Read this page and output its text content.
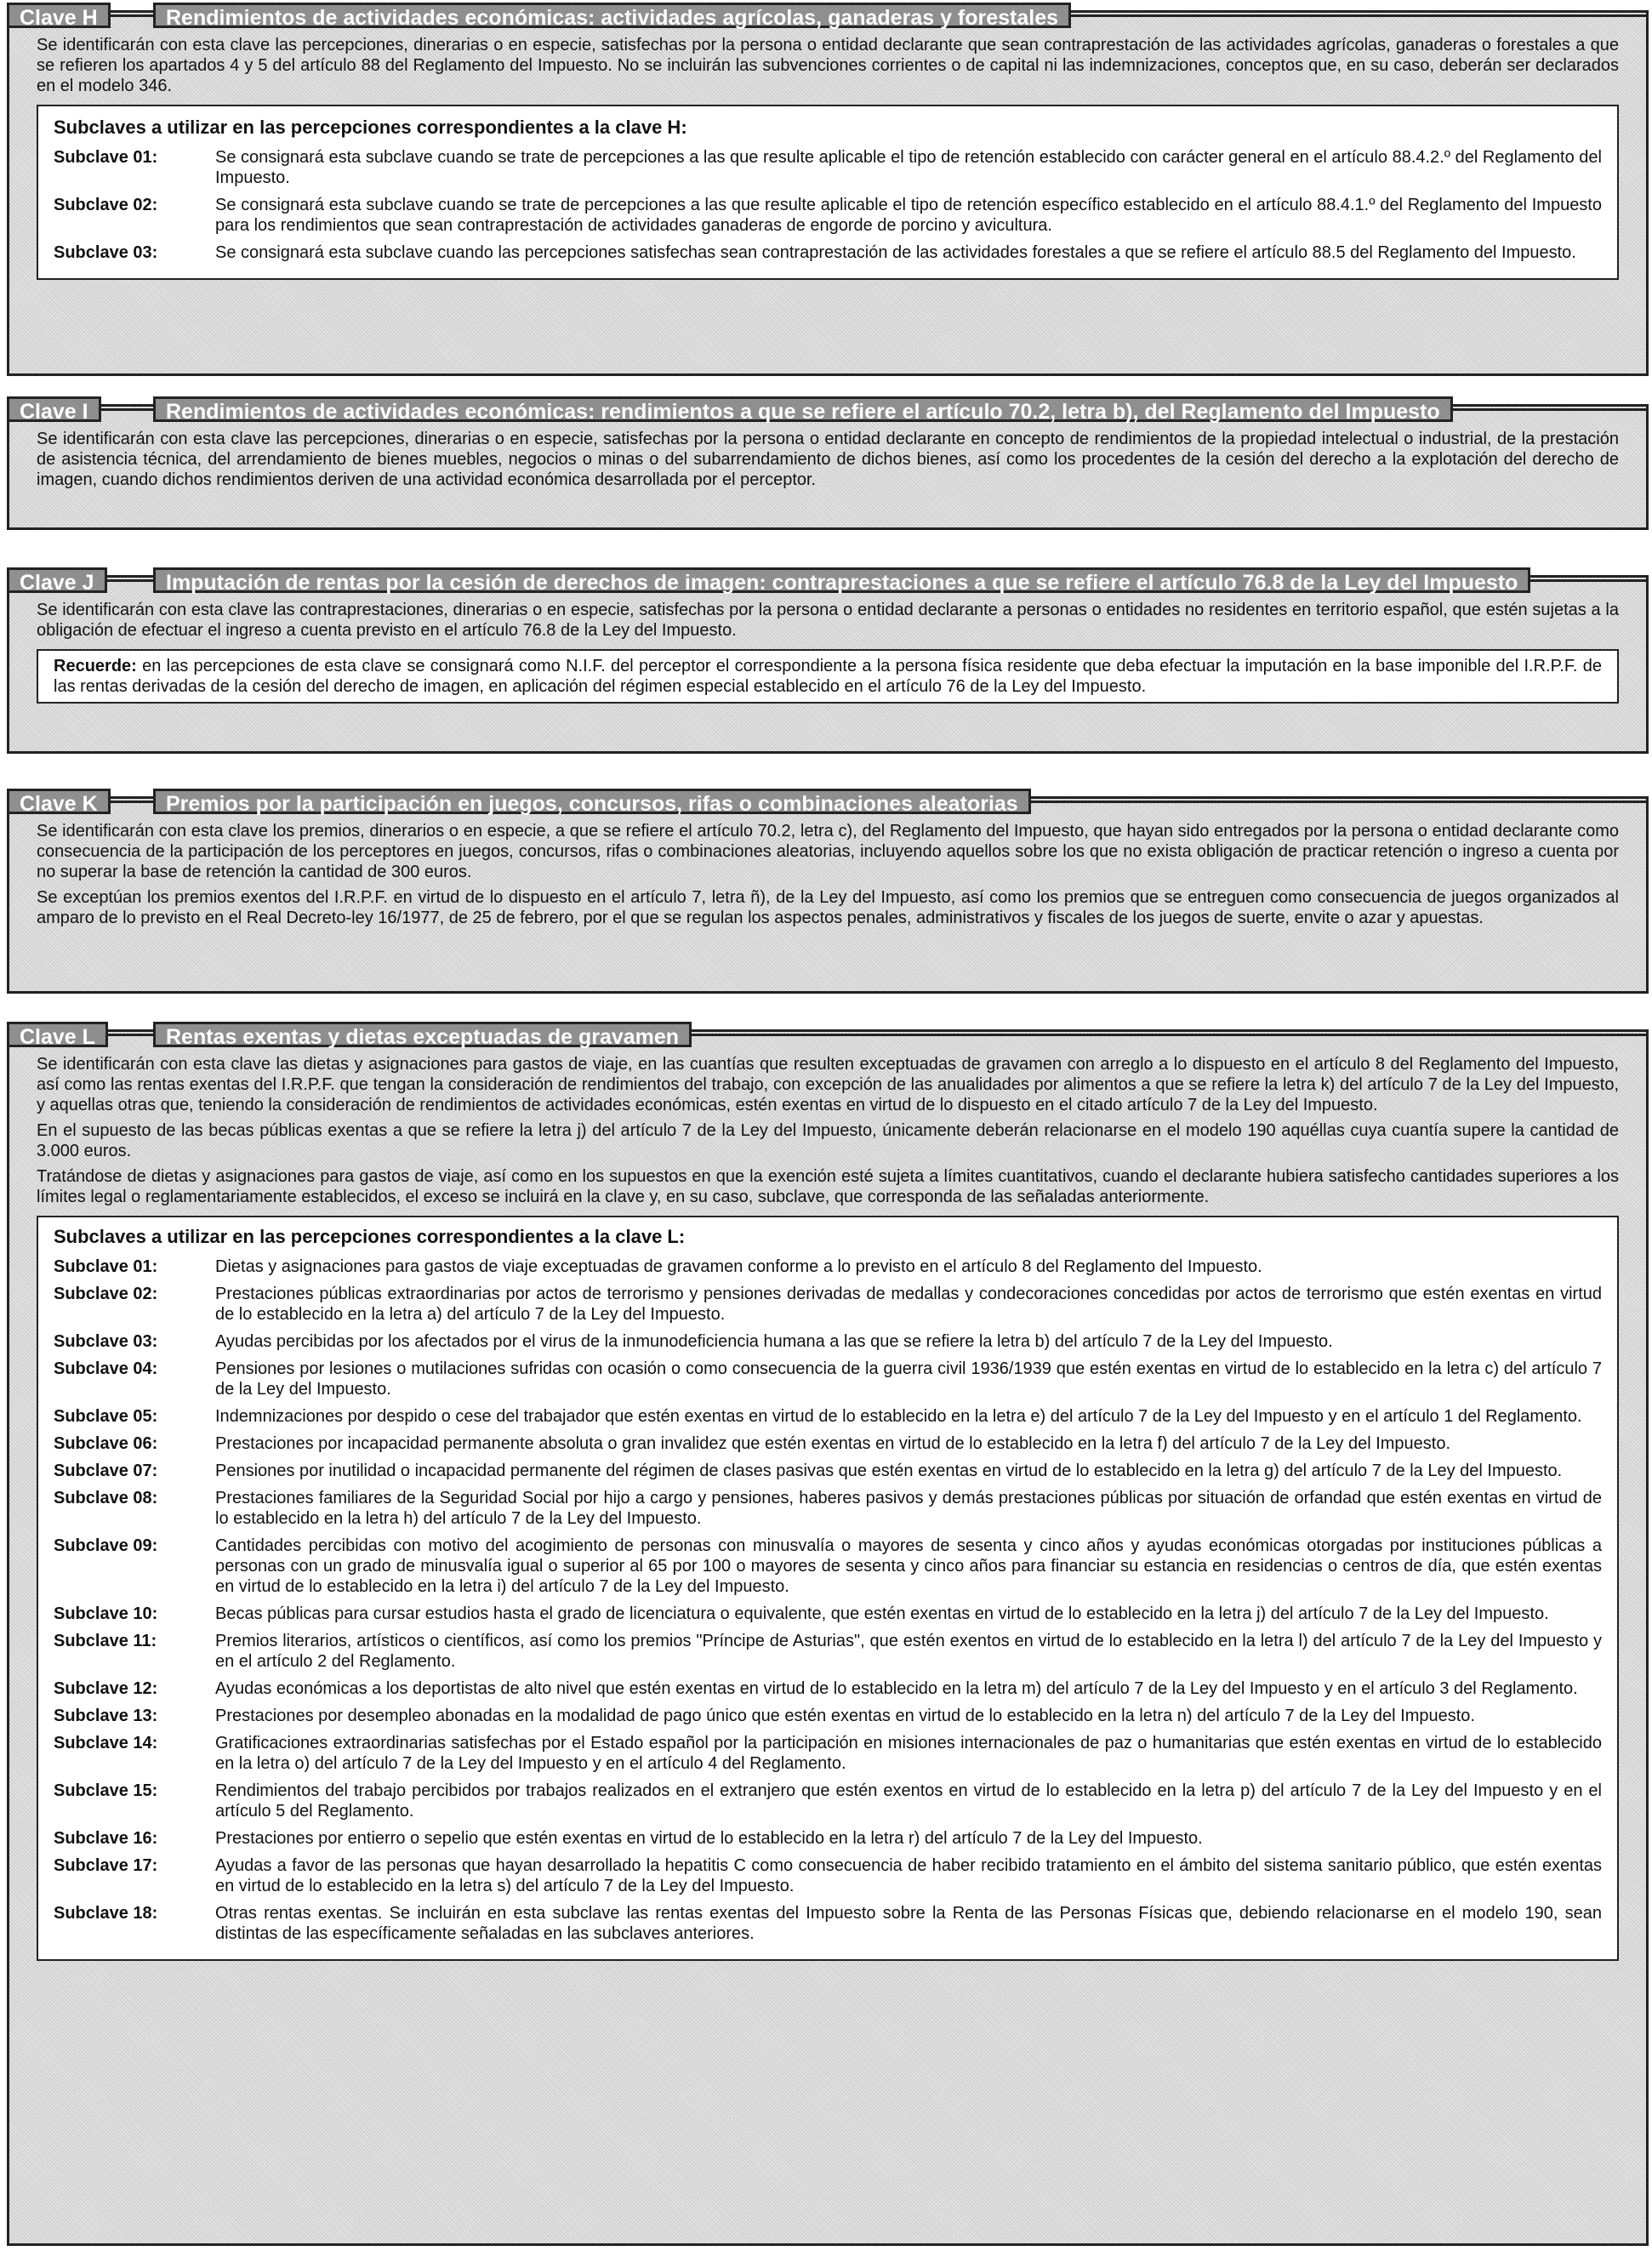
Clave H	Rendimientos de actividades económicas: actividades agrícolas, ganaderas y forestales

Se identificarán con esta clave las percepciones, dinerarias o en especie, satisfechas por la persona o entidad declarante que sean contraprestación de las actividades agrícolas, ganaderas o forestales a que se refieren los apartados 4 y 5 del artículo 88 del Reglamento del Impuesto. No se incluirán las subvenciones corrientes o de capital ni las indemnizaciones, conceptos que, en su caso, deberán ser declarados en el modelo 346.

Subclaves a utilizar en las percepciones correspondientes a la clave H:
Subclave 01:	Se consignará esta subclave cuando se trate de percepciones a las que resulte aplicable el tipo de retención establecido con carácter general en el artículo 88.4.2.º del Reglamento del Impuesto.
Subclave 02:	Se consignará esta subclave cuando se trate de percepciones a las que resulte aplicable el tipo de retención específico establecido en el artículo 88.4.1.º del Reglamento del Impuesto para los rendimientos que sean contraprestación de actividades ganaderas de engorde de porcino y avicultura.
Subclave 03:	Se consignará esta subclave cuando las percepciones satisfechas sean contraprestación de las actividades forestales a que se refiere el artículo 88.5 del Reglamento del Impuesto.
Clave I	Rendimientos de actividades económicas: rendimientos a que se refiere el artículo 70.2, letra b), del Reglamento del Impuesto

Se identificarán con esta clave las percepciones, dinerarias o en especie, satisfechas por la persona o entidad declarante en concepto de rendimientos de la propiedad intelectual o industrial, de la prestación de asistencia técnica, del arrendamiento de bienes muebles, negocios o minas o del subarrendamiento de dichos bienes, así como los procedentes de la cesión del derecho a la explotación del derecho de imagen, cuando dichos rendimientos deriven de una actividad económica desarrollada por el perceptor.

Clave J	Imputación de rentas por la cesión de derechos de imagen: contraprestaciones a que se refiere el artículo 76.8 de la Ley del Impuesto

Se identificarán con esta clave las contraprestaciones, dinerarias o en especie, satisfechas por la persona o entidad declarante a personas o entidades no residentes en territorio español, que estén sujetas a la obligación de efectuar el ingreso a cuenta previsto en el artículo 76.8 de la Ley del Impuesto.

Recuerde: en las percepciones de esta clave se consignará como N.I.F. del perceptor el correspondiente a la persona física residente que deba efectuar la imputación en la base imponible del I.R.P.F. de las rentas derivadas de la cesión del derecho de imagen, en aplicación del régimen especial establecido en el artículo 76 de la Ley del Impuesto.
Clave K	Premios por la participación en juegos, concursos, rifas o combinaciones aleatorias

Se identificarán con esta clave los premios, dinerarios o en especie, a que se refiere el artículo 70.2, letra c), del Reglamento del Impuesto, que hayan sido entregados por la persona o entidad declarante como consecuencia de la participación de los perceptores en juegos, concursos, rifas o combinaciones aleatorias, incluyendo aquellos sobre los que no exista obligación de practicar retención o ingreso a cuenta por no superar la base de retención la cantidad de 300 euros.

Se exceptúan los premios exentos del I.R.P.F. en virtud de lo dispuesto en el artículo 7, letra ñ), de la Ley del Impuesto, así como los premios que se entreguen como consecuencia de juegos organizados al amparo de lo previsto en el Real Decreto-ley 16/1977, de 25 de febrero, por el que se regulan los aspectos penales, administrativos y fiscales de los juegos de suerte, envite o azar y apuestas.

Clave L	Rentas exentas y dietas exceptuadas de gravamen

Se identificarán con esta clave las dietas y asignaciones para gastos de viaje, en las cuantías que resulten exceptuadas de gravamen con arreglo a lo dispuesto en el artículo 8 del Reglamento del Impuesto, así como las rentas exentas del I.R.P.F. que tengan la consideración de rendimientos del trabajo, con excepción de las anualidades por alimentos a que se refiere la letra k) del artículo 7 de la Ley del Impuesto, y aquellas otras que, teniendo la consideración de rendimientos de actividades económicas, estén exentas en virtud de lo dispuesto en el citado artículo 7 de la Ley del Impuesto.

En el supuesto de las becas públicas exentas a que se refiere la letra j) del artículo 7 de la Ley del Impuesto, únicamente deberán relacionarse en el modelo 190 aquéllas cuya cuantía supere la cantidad de 3.000 euros.

Tratándose de dietas y asignaciones para gastos de viaje, así como en los supuestos en que la exención esté sujeta a límites cuantitativos, cuando el declarante hubiera satisfecho cantidades superiores a los límites legal o reglamentariamente establecidos, el exceso se incluirá en la clave y, en su caso, subclave, que corresponda de las señaladas anteriormente.

Subclaves a utilizar en las percepciones correspondientes a la clave L:
Subclave 01:	Dietas y asignaciones para gastos de viaje exceptuadas de gravamen conforme a lo previsto en el artículo 8 del Reglamento del Impuesto.
Subclave 02:	Prestaciones públicas extraordinarias por actos de terrorismo y pensiones derivadas de medallas y condecoraciones concedidas por actos de terrorismo que estén exentas en virtud de lo establecido en la letra a) del artículo 7 de la Ley del Impuesto.
Subclave 03:	Ayudas percibidas por los afectados por el virus de la inmunodeficiencia humana a las que se refiere la letra b) del artículo 7 de la Ley del Impuesto.
Subclave 04:	Pensiones por lesiones o mutilaciones sufridas con ocasión o como consecuencia de la guerra civil 1936/1939 que estén exentas en virtud de lo establecido en la letra c) del artículo 7 de la Ley del Impuesto.
Subclave 05:	Indemnizaciones por despido o cese del trabajador que estén exentas en virtud de lo establecido en la letra e) del artículo 7 de la Ley del Impuesto y en el artículo 1 del Reglamento.
Subclave 06:	Prestaciones por incapacidad permanente absoluta o gran invalidez que estén exentas en virtud de lo establecido en la letra f) del artículo 7 de la Ley del Impuesto.
Subclave 07:	Pensiones por inutilidad o incapacidad permanente del régimen de clases pasivas que estén exentas en virtud de lo establecido en la letra g) del artículo 7 de la Ley del Impuesto.
Subclave 08:	Prestaciones familiares de la Seguridad Social por hijo a cargo y pensiones, haberes pasivos y demás prestaciones públicas por situación de orfandad que estén exentas en virtud de lo establecido en la letra h) del artículo 7 de la Ley del Impuesto.
Subclave 09:	Cantidades percibidas con motivo del acogimiento de personas con minusvalía o mayores de sesenta y cinco años y ayudas económicas otorgadas por instituciones públicas a personas con un grado de minusvalía igual o superior al 65 por 100 o mayores de sesenta y cinco años para financiar su estancia en residencias o centros de día, que estén exentas en virtud de lo establecido en la letra i) del artículo 7 de la Ley del Impuesto.
Subclave 10:	Becas públicas para cursar estudios hasta el grado de licenciatura o equivalente, que estén exentas en virtud de lo establecido en la letra j) del artículo 7 de la Ley del Impuesto.
Subclave 11:	Premios literarios, artísticos o científicos, así como los premios "Príncipe de Asturias", que estén exentos en virtud de lo establecido en la letra l) del artículo 7 de la Ley del Impuesto y en el artículo 2 del Reglamento.
Subclave 12:	Ayudas económicas a los deportistas de alto nivel que estén exentas en virtud de lo establecido en la letra m) del artículo 7 de la Ley del Impuesto y en el artículo 3 del Reglamento.
Subclave 13:	Prestaciones por desempleo abonadas en la modalidad de pago único que estén exentas en virtud de lo establecido en la letra n) del artículo 7 de la Ley del Impuesto.
Subclave 14:	Gratificaciones extraordinarias satisfechas por el Estado español por la participación en misiones internacionales de paz o humanitarias que estén exentas en virtud de lo establecido en la letra o) del artículo 7 de la Ley del Impuesto y en el artículo 4 del Reglamento.
Subclave 15:	Rendimientos del trabajo percibidos por trabajos realizados en el extranjero que estén exentos en virtud de lo establecido en la letra p) del artículo 7 de la Ley del Impuesto y en el artículo 5 del Reglamento.
Subclave 16:	Prestaciones por entierro o sepelio que estén exentas en virtud de lo establecido en la letra r) del artículo 7 de la Ley del Impuesto.
Subclave 17:	Ayudas a favor de las personas que hayan desarrollado la hepatitis C como consecuencia de haber recibido tratamiento en el ámbito del sistema sanitario público, que estén exentas en virtud de lo establecido en la letra s) del artículo 7 de la Ley del Impuesto.
Subclave 18:	Otras rentas exentas. Se incluirán en esta subclave las rentas exentas del Impuesto sobre la Renta de las Personas Físicas que, debiendo relacionarse en el modelo 190, sean distintas de las específicamente señaladas en las subclaves anteriores.
